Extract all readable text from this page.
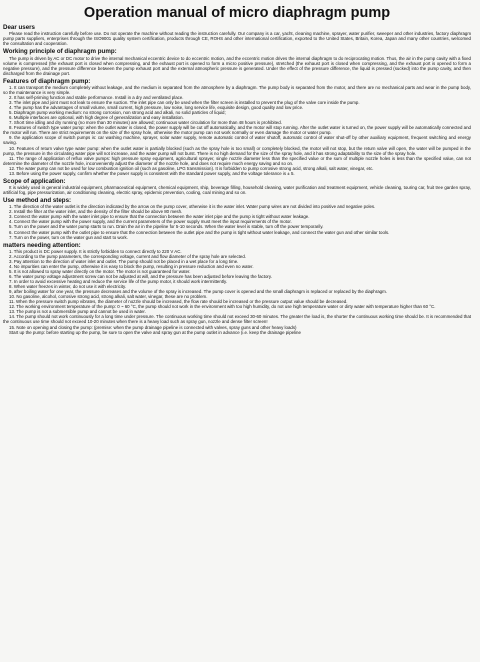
Operation manual of micro diaphragm pump
Dear users

Please read the instruction carefully before use. Do not operate the machine without reading the instruction carefully. Our company is a car, yacht, cleaning machine, sprayer, water purifier, sweeper and other industries, factory diaphragm pump parts suppliers, enterprises through the ISO9001 quality system certification, products through CE, ROHS and other international certification, exported to the United States, Britain, Korea, Japan and many other countries, welcomed the consultation and cooperation.

Working principle of diaphragm pump:

The pump is driven by AC or DC motor to drive the internal mechanical eccentric device to do eccentric motion, and the eccentric motion drives the internal diaphragm to do reciprocating motion. Thus, the air in the pump cavity with a fixed volume is compressed (the exhaust port is closed when compressing, and the exhaust port is opened to form a micro positive pressure), stretched (the exhaust port is closed when compressing, and the exhaust port is opened to form a negative pressure), and the pressure difference between the pump exhaust port and the external atmospheric pressure is generated. Under the effect of the pressure difference, the liquid is pressed (sucked) into the pump cavity, and then discharged from the drainage port.

Features of diaphragm pump:

1. It can transport the medium completely without leakage, and the medium is separated from the atmosphere by a diaphragm. The pump body is separated from the motor, and there are no mechanical parts and wear in the pump body, so the maintenance is very simple.

2. It has self-priming function and stable performance. Install in a dry and ventilated place.

3. The inlet pipe and joint must not leak to ensure the suction. The inlet pipe can only be used when the filter screen is installed to prevent the plug of the valve core inside the pump.

4. The pump has the advantages of small volume, small current, high pressure, low noise, long service life, exquisite design, good quality and low price.

5. Diaphragm pump working medium: no strong corrosion, non strong acid and alkali, no solid particles of liquid;

6. Multiple interfaces are optional, with high degree of generalization and easy installation.

7. Short time idling and dry running (no more than 30 minutes) are allowed; continuous water circulation for more than 48 hours is prohibited.

8. Features of switch type water pump: when the outlet water is closed, the power supply will be cut off automatically, and the motor will stop running. After the outlet water is turned on, the power supply will be automatically connected and the motor will run. There are strict requirements on the size of the spray hole, otherwise the motor pump can not work normally or even damage the motor or water pump.

9. the application scope of switch pumps is: car washing machine, sprayer, solar water supply, remote automatic control of water shutoff, automatic control of water shut-off by other auxiliary equipment, frequent switching and energy saving.

10. Features of return valve type water pump: when the outlet water is partially blocked (such as the spray hole is too small) or completely blocked, the motor will not stop, but the return valve will open, the water will be pumped in the pump, the pressure in the circulating water pipe will not increase, and the water pump will not burst. There is no high demand for the size of the spray hole, and it has strong adaptability to the size of the spray hole.

11. The range of application of reflux valve pumps: high pressure spray equipment, agricultural sprayer, single nozzle diameter less than the specified value or the sum of multiple nozzle holes is less than the specified value, can not determine the diameter of the nozzle hole, inconveniently adjust the diameter of the nozzle hole, and does not require much energy saving and so on.

12. The water pump can not be used for low combustion ignition oil (such as gasoline, LPG transmission). It is forbidden to pump corrosive strong acid, strong alkali, salt water, vinegar, etc.

13. Before using the power supply, confirm whether the power supply is consistent with the standard power supply, and the voltage tolerance is ± 5.

Scope of application:

It is widely used in general industrial equipment, pharmaceutical equipment, chemical equipment, ship, beverage filling, household cleaning, water purification and treatment equipment, vehicle cleaning, touring car, fruit tree garden spray, artificial fog, pipe pressurization, air conditioning cleaning, electric spray, epidemic prevention, cooling, coal mining and so on.

Use method and steps:

1. The direction of the water outlet is the direction indicated by the arrow on the pump cover, otherwise it is the water inlet. Water pump wires are not divided into positive and negative poles.

2. Install the filter at the water inlet, and the density of the filter should be above 80 mesh.

3. Connect the water pump with the water inlet pipe to ensure that the connection between the water inlet pipe and the pump is tight without water leakage.

4. Connect the water pump with the power supply, and the current parameters of the power supply must meet the input requirements of the motor.

5. Turn on the power and the water pump starts to run. Drain the air in the pipeline for 5-10 seconds. When the water level is stable, turn off the power temporarily.

6. Connect the water pump with the outlet pipe to ensure that the connection between the outlet pipe and the pump is tight without water leakage, and connect the water gun and other similar tools.

7. Turn on the power, turn on the water gun and start to work.

matters needing attention:

1. This product is DC power supply. It is strictly forbidden to connect directly to 220 V AC.

2. According to the pump parameters, the corresponding voltage, current and flow diameter of the spray hole are selected.

3. Pay attention to the direction of water inlet and outlet. The pump should not be placed in a wet place for a long time.

4. No impurities can enter the pump, otherwise it is easy to block the pump, resulting in pressure reduction and even no water.

5. It is not allowed to spray water directly on the motor. The motor is not guaranteed for water.

6. The water pump voltage adjustment screw can not be adjusted at will, and the pressure has been adjusted before leaving the factory.

7. In order to avoid excessive heating and reduce the service life of the pump motor, it should work intermittently.

8. When water freezes in winter, do not use it with electricity.

9, after boiling water for one year, the pressure decreases and the volume of the spray is increased. The pump cover is opened and the small diaphragm is replaced or replaced by the diaphragm.

10. No gasoline, alcohol, corrosive strong acid, strong alkali, salt water, vinegar, these are no problem.

11. When the pressure switch pump vibrates, the diameter of nozzle should be increased, the flow rate should be increased or the pressure output value should be decreased.

12. The working environment temperature of the pump: 0 ~ 60 °C, the pump should not work in the environment with too high humidity, do not use high temperature water or dirty water with temperature higher than 60 °C.

13. The pump is not a submersible pump and cannot be used in water.

14. The pump should not work continuously for a long time under pressure. The continuous working time should not exceed 30-60 minutes. The greater the load is, the shorter the continuous working time should be. It is recommended that the continuous use time should not exceed 10-20 minutes when there is a heavy load such as spray gun, nozzle and dense filter screen!

15. Note on opening and closing the pump: (premise: when the pump drainage pipeline is connected with valves, spray guns and other heavy loads)

Start up the pump: before starting up the pump, be sure to open the valve and spray gun at the pump outlet in advance (i.e. keep the drainage pipeline
